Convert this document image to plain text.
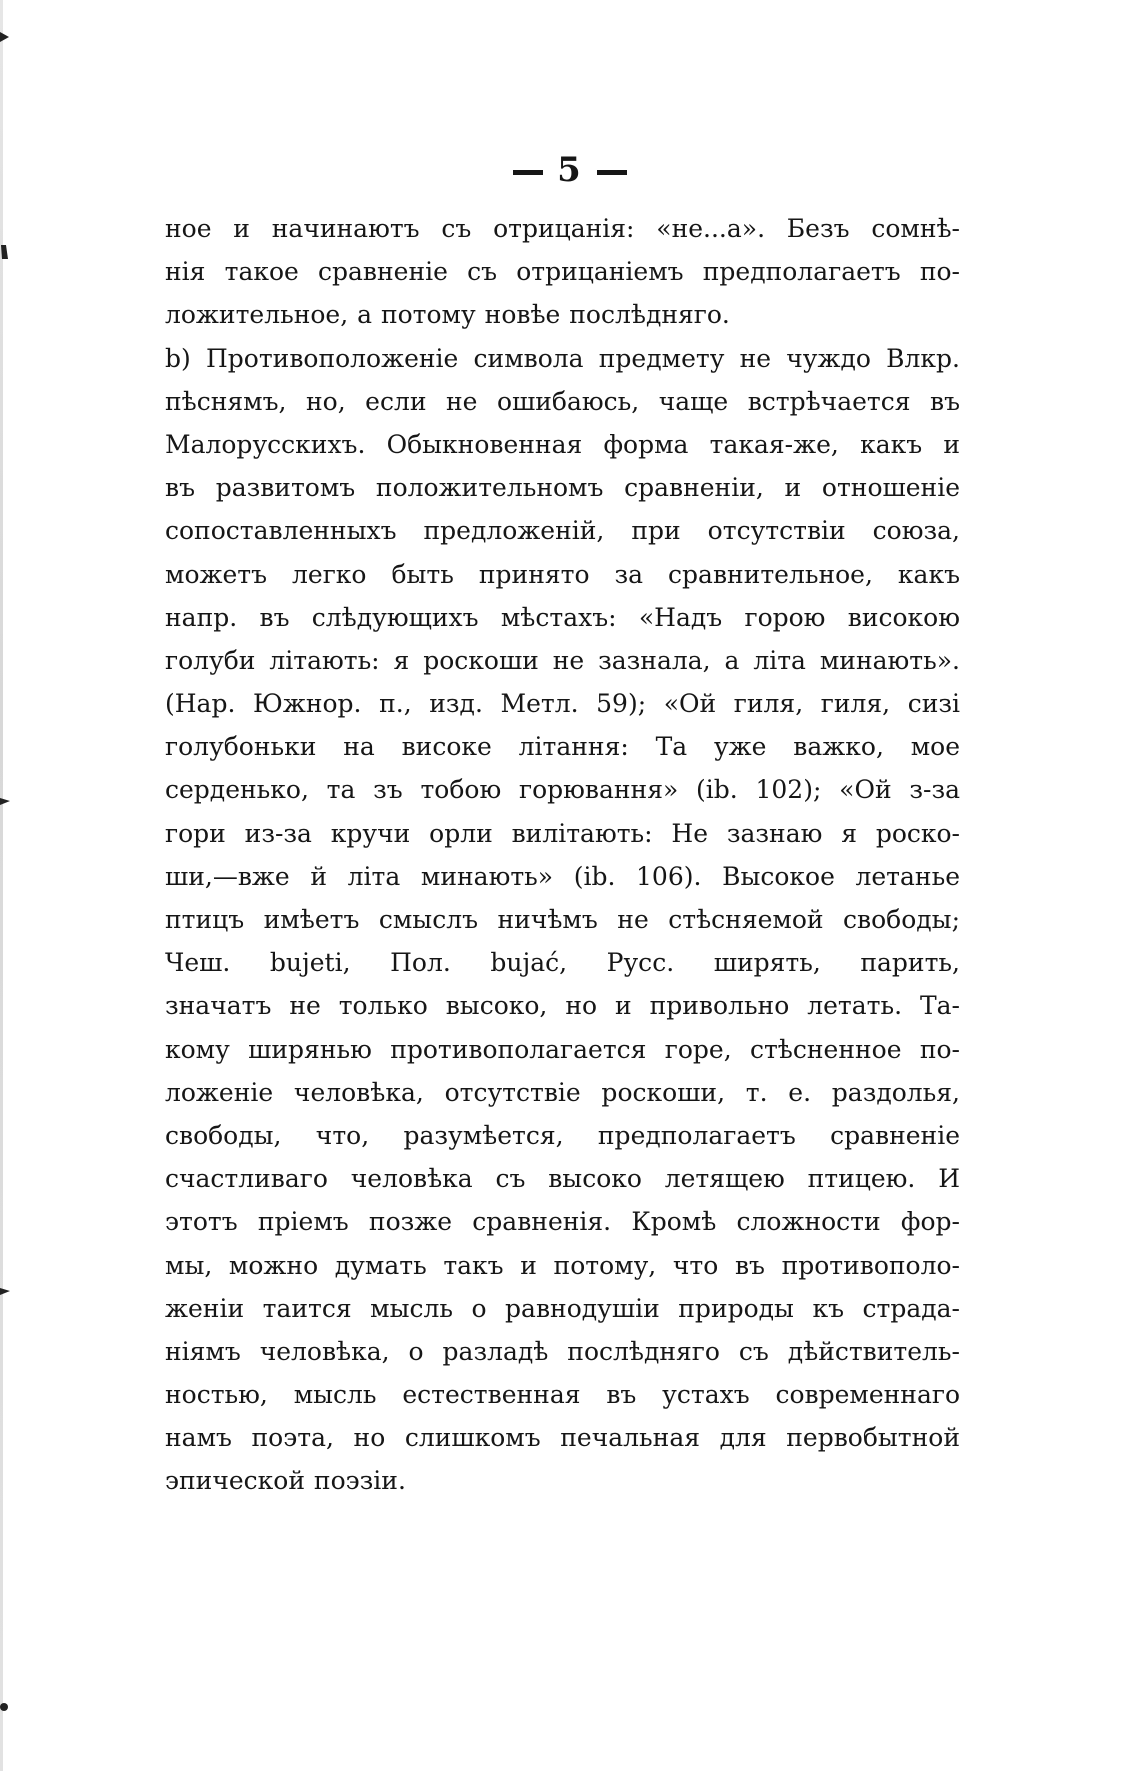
5
ное и начинаютъ съ отрицанія: «не...а». Безъ сомнѣ-
нія такое сравненіе съ отрицаніемъ предполагаетъ по-
ложительное, а потому новѣе послѣдняго.
b) Противоположеніе символа предмету не чуждо Влкр.
пѣснямъ, но, если не ошибаюсь, чаще встрѣчается въ
Малорусскихъ. Обыкновенная форма такая-же, какъ и
въ развитомъ положительномъ сравненіи, и отношеніе
сопоставленныхъ предложеній, при отсутствіи союза,
можетъ легко быть принято за сравнительное, какъ
напр. въ слѣдующихъ мѣстахъ: «Надъ горою високою
голуби літають: я роскоши не зазнала, а літа минають».
(Нар. Южнор. п., изд. Метл. 59); «Ой гиля, гиля, сизі
голубоньки на високе літання: Та уже важко, мое
серденько, та зъ тобою горювання» (ib. 102); «Ой з-за
гори из-за кручи орли вилітають: Не зазнаю я роско-
ши,—вже й літа минають» (ib. 106). Высокое летанье
птицъ имѣетъ смыслъ ничѣмъ не стѣсняемой свободы;
Чеш. bujeti, Пол. bujać, Русс. ширять, парить,
значатъ не только высоко, но и привольно летать. Та-
кому ширянью противополагается горе, стѣсненное по-
ложеніе человѣка, отсутствіе роскоши, т. е. раздолья,
свободы, что, разумѣется, предполагаетъ сравненіе
счастливаго человѣка съ высоко летящею птицею. И
этотъ пріемъ позже сравненія. Кромѣ сложности фор-
мы, можно думать такъ и потому, что въ противополо-
женіи таится мысль о равнодушіи природы къ страда-
ніямъ человѣка, о разладѣ послѣдняго съ дѣйствитель-
ностью, мысль естественная въ устахъ современнаго
намъ поэта, но слишкомъ печальная для первобытной
эпической поэзіи.
